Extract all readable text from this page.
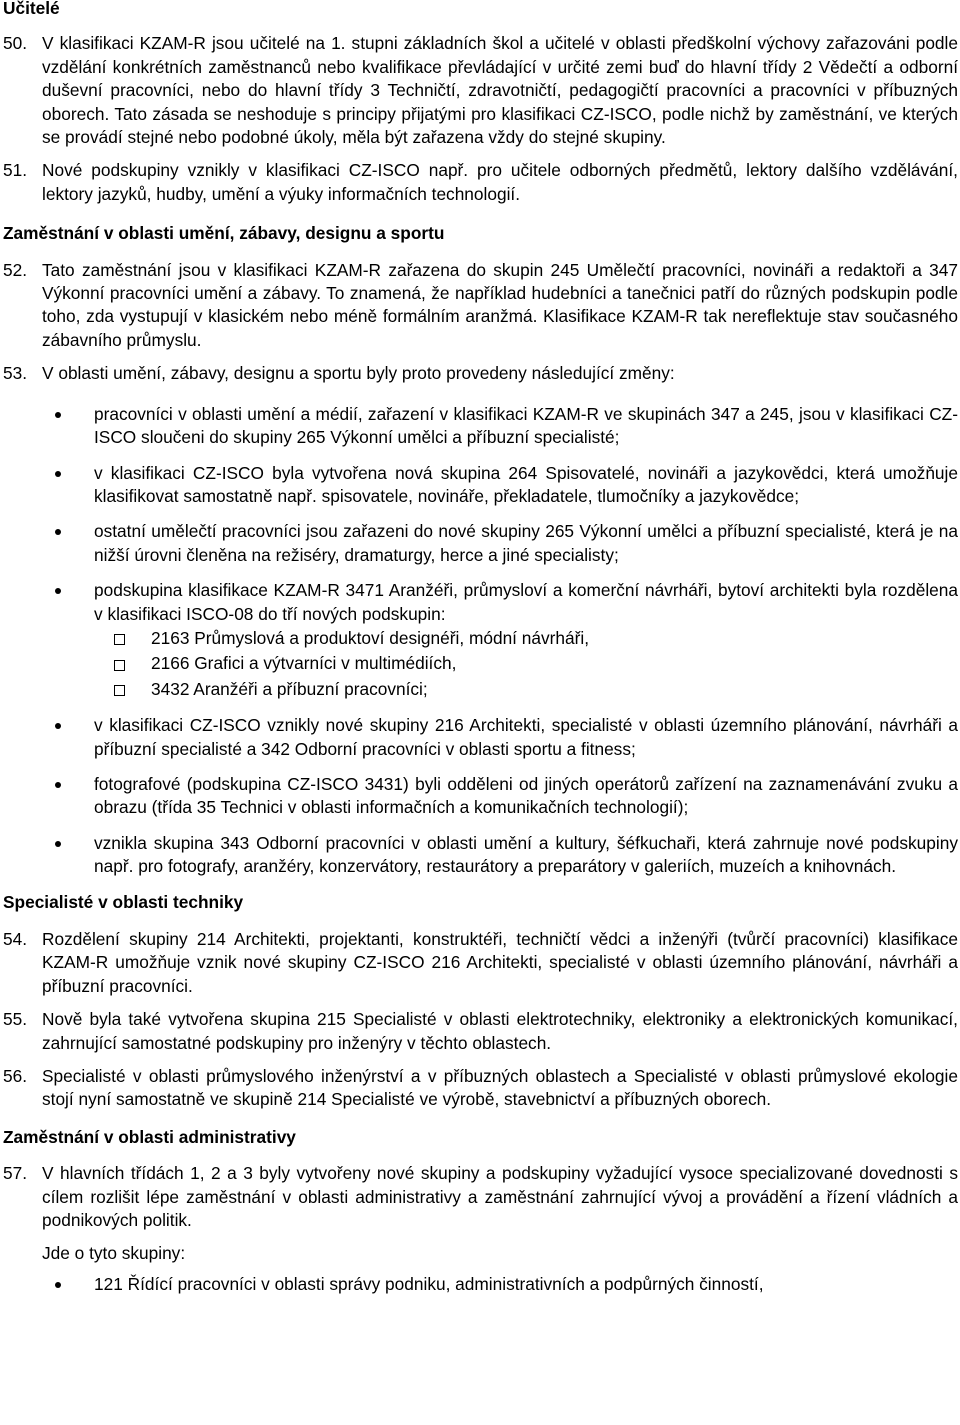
Učitelé

50. V klasifikaci KZAM-R jsou učitelé na 1. stupni základních škol a učitelé v oblasti předškolní výchovy zařazováni podle vzdělání konkrétních zaměstnanců nebo kvalifikace převládající v určité zemi buď do hlavní třídy 2 Vědečtí a odborní duševní pracovníci, nebo do hlavní třídy 3 Techničtí, zdravotničtí, pedagogičtí pracovníci a pracovníci v příbuzných oborech. Tato zásada se neshoduje s principy přijatými pro klasifikaci CZ-ISCO, podle nichž by zaměstnání, ve kterých se provádí stejné nebo podobné úkoly, měla být zařazena vždy do stejné skupiny.
51. Nové podskupiny vznikly v klasifikaci CZ-ISCO např. pro učitele odborných předmětů, lektory dalšího vzdělávání, lektory jazyků, hudby, umění a výuky informačních technologií.

Zaměstnání v oblasti umění, zábavy, designu a sportu

52. Tato zaměstnání jsou v klasifikaci KZAM-R zařazena do skupin 245 Umělečtí pracovníci, novináři a redaktoři a 347 Výkonní pracovníci umění a zábavy. To znamená, že například hudebníci a tanečnici patří do různých podskupin podle toho, zda vystupují v klasickém nebo méně formálním aranžmá. Klasifikace KZAM-R tak nereflektuje stav současného zábavního průmyslu.
53. V oblasti umění, zábavy, designu a sportu byly proto provedeny následující změny:
pracovníci v oblasti umění a médií, zařazení v klasifikaci KZAM-R ve skupinách 347 a 245, jsou v klasifikaci CZ-ISCO sloučeni do skupiny 265 Výkonní umělci a příbuzní specialisté;
v klasifikaci CZ-ISCO byla vytvořena nová skupina 264 Spisovatelé, novináři a jazykovědci, která umožňuje klasifikovat samostatně např. spisovatele, novináře, překladatele, tlumočníky a jazykovědce;
ostatní umělečtí pracovníci jsou zařazeni do nové skupiny 265 Výkonní umělci a příbuzní specialisté, která je na nižší úrovni členěna na režiséry, dramaturgy, herce a jiné specialisty;
podskupina klasifikace KZAM-R 3471 Aranžéři, průmysloví a komerční návrháři, bytoví architekti byla rozdělena v klasifikaci ISCO-08 do tří nových podskupin:
2163 Průmyslová a produktoví designéři, módní návrháři,
2166 Grafici a výtvarníci v multimédiích,
3432 Aranžéři a příbuzní pracovníci;
v klasifikaci CZ-ISCO vznikly nové skupiny 216 Architekti, specialisté v oblasti územního plánování, návrháři a příbuzní specialisté a 342 Odborní pracovníci v oblasti sportu a fitness;
fotografové (podskupina CZ-ISCO 3431) byli odděleni od jiných operátorů zařízení na zaznamenávání zvuku a obrazu (třída 35 Technici v oblasti informačních a komunikačních technologií);
vznikla skupina 343 Odborní pracovníci v oblasti umění a kultury, šéfkuchaři, která zahrnuje nové podskupiny např. pro fotografy, aranžéry, konzervátory, restaurátory a preparátory v galeriích, muzeích a knihovnách.

Specialisté v oblasti techniky

54. Rozdělení skupiny 214 Architekti, projektanti, konstruktéři, techničtí vědci a inženýři (tvůrčí pracovníci) klasifikace KZAM-R umožňuje vznik nové skupiny CZ-ISCO 216 Architekti, specialisté v oblasti územního plánování, návrháři a příbuzní pracovníci.
55. Nově byla také vytvořena skupina 215 Specialisté v oblasti elektrotechniky, elektroniky a elektronických komunikací, zahrnující samostatné podskupiny pro inženýry v těchto oblastech.
56. Specialisté v oblasti průmyslového inženýrství a v příbuzných oblastech a Specialisté v oblasti průmyslové ekologie stojí nyní samostatně ve skupině 214 Specialisté ve výrobě, stavebnictví a příbuzných oborech.

Zaměstnání v oblasti administrativy

57. V hlavních třídách 1, 2 a 3 byly vytvořeny nové skupiny a podskupiny vyžadující vysoce specializované dovednosti s cílem rozlišit lépe zaměstnání v oblasti administrativy a zaměstnání zahrnující vývoj a provádění a řízení vládních a podnikových politik.

Jde o tyto skupiny:

121 Řídící pracovníci v oblasti správy podniku, administrativních a podpůrných činností,
